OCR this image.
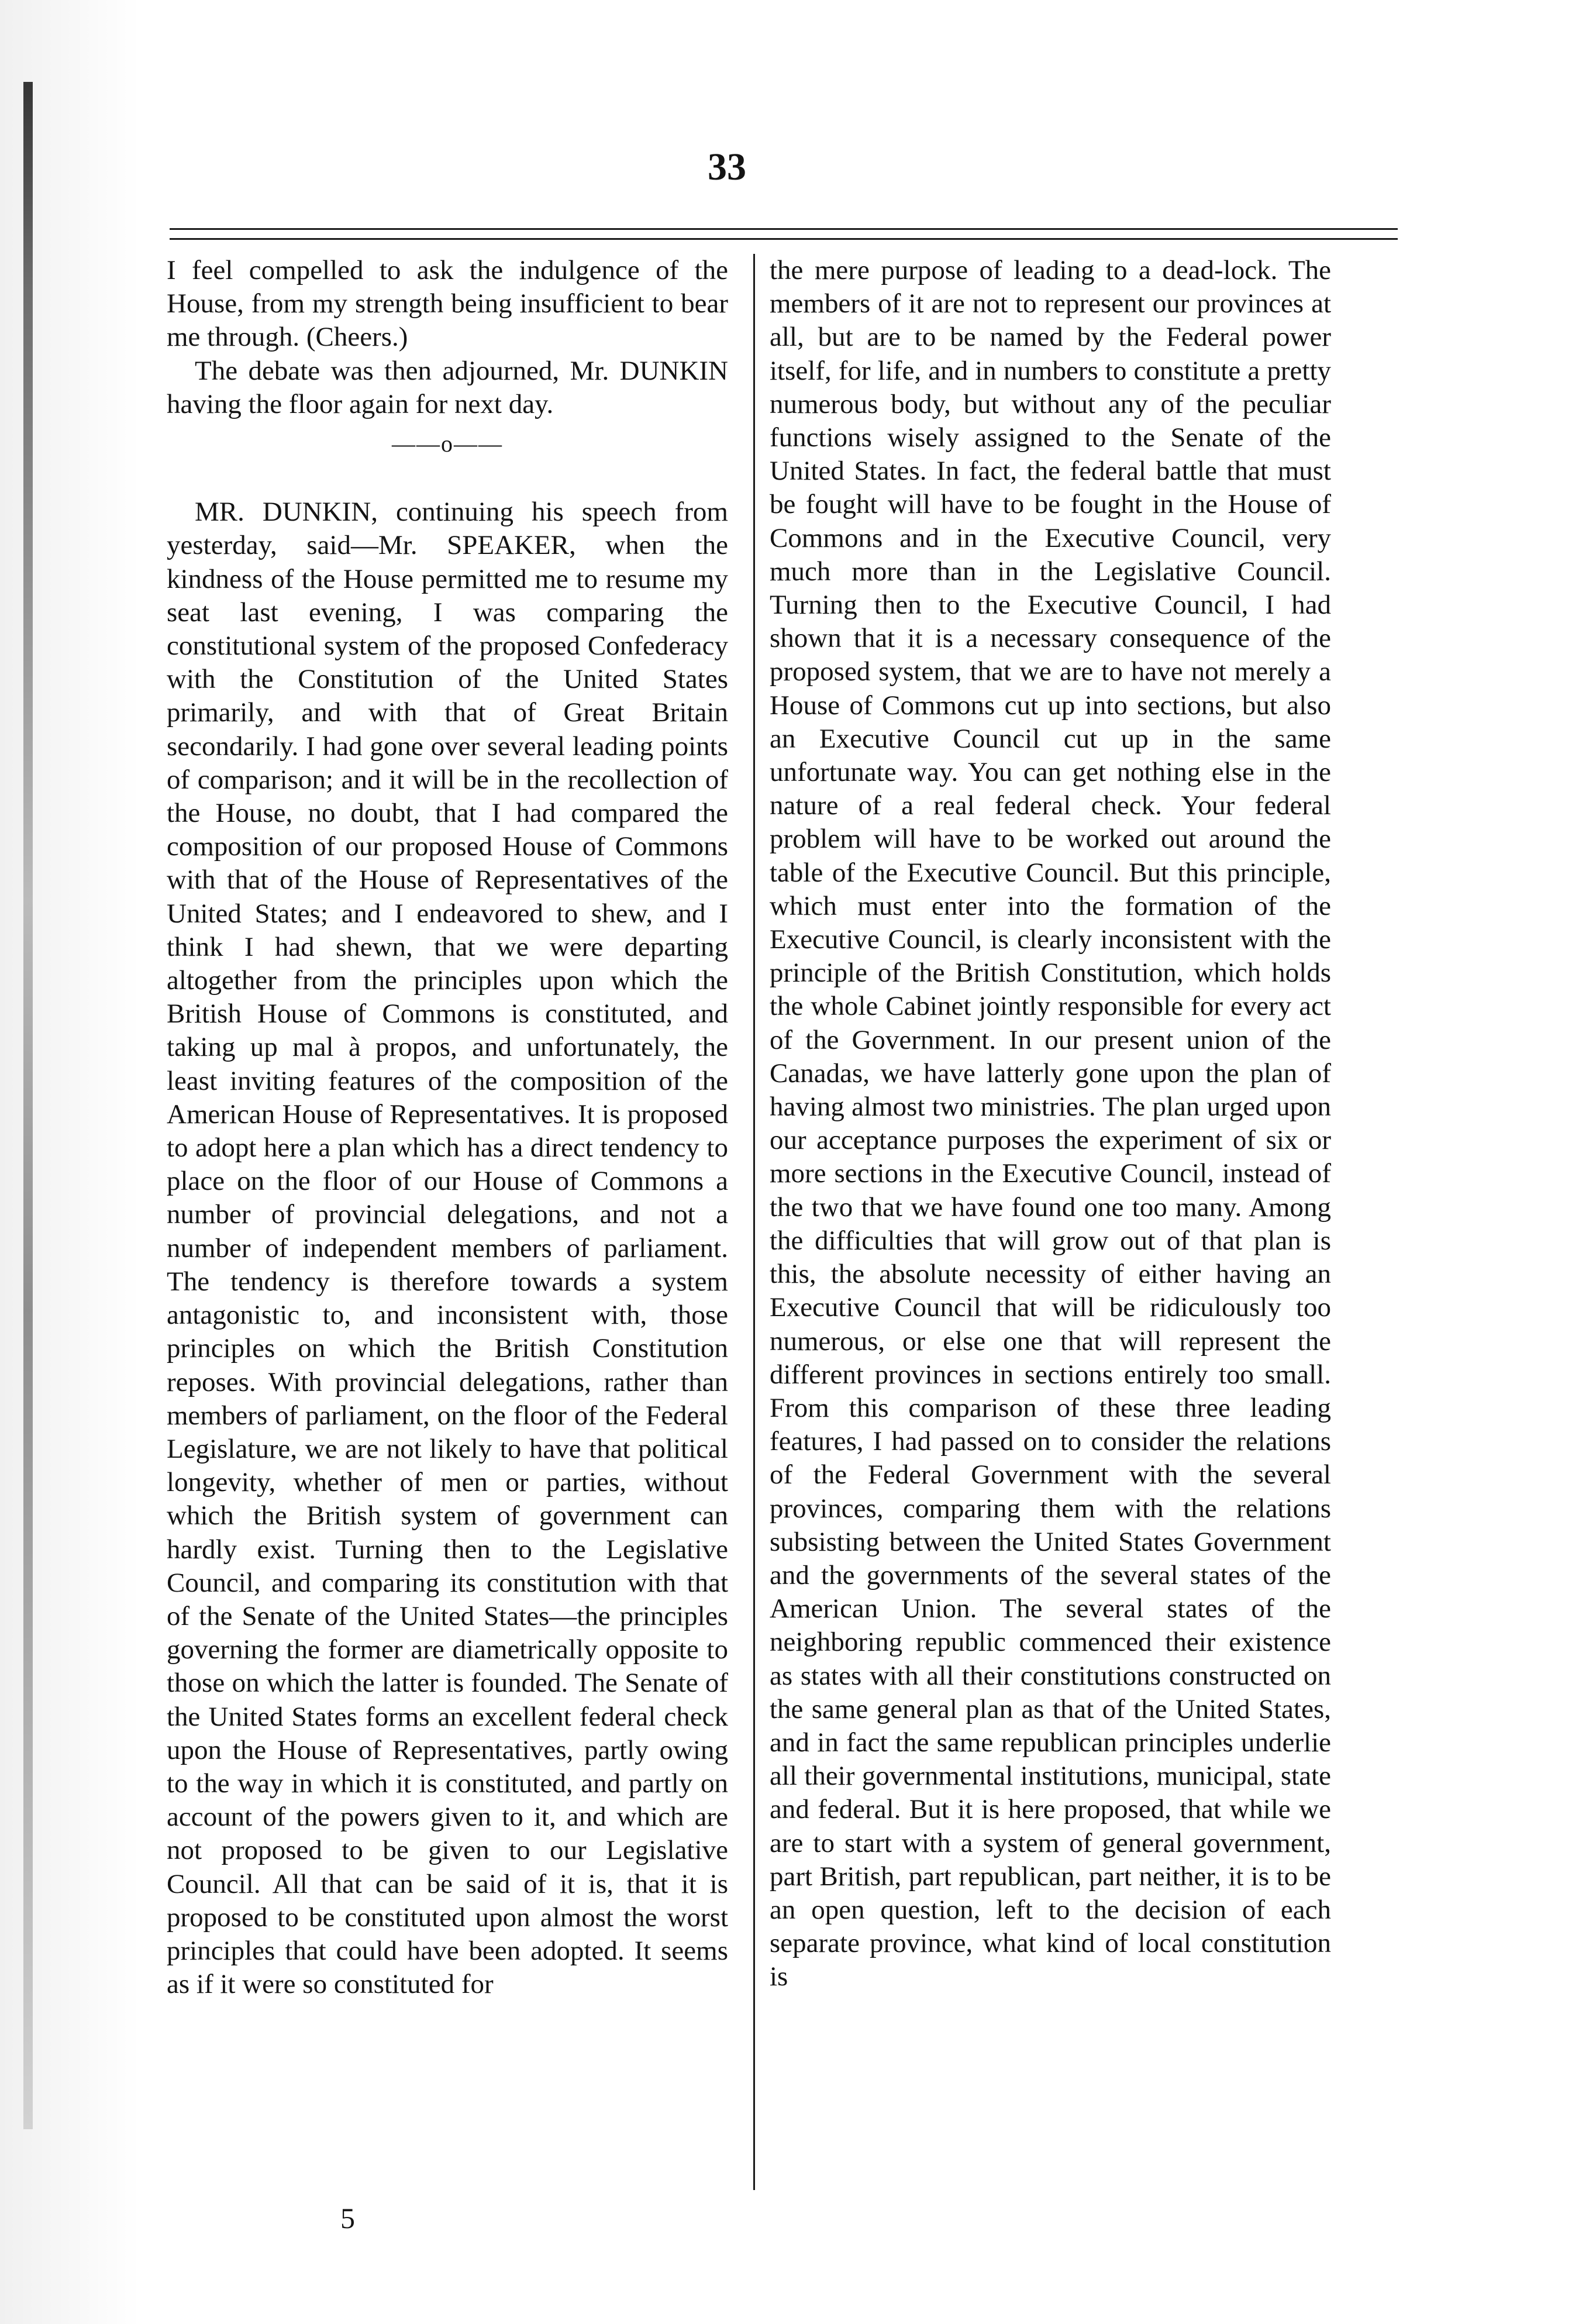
33

I feel compelled to ask the indulgence of the House, from my strength being insufficient to bear me through. (Cheers.)

The debate was then adjourned, Mr. DUNKIN having the floor again for next day.

——o——

MR. DUNKIN, continuing his speech from yesterday, said—Mr. SPEAKER, when the kindness of the House permitted me to resume my seat last evening, I was comparing the constitutional system of the proposed Confederacy with the Constitution of the United States primarily, and with that of Great Britain secondarily. I had gone over several leading points of comparison; and it will be in the recollection of the House, no doubt, that I had compared the composition of our proposed House of Commons with that of the House of Representatives of the United States; and I endeavored to shew, and I think I had shewn, that we were departing altogether from the principles upon which the British House of Commons is constituted, and taking up mal à propos, and unfortunately, the least inviting features of the composition of the American House of Representatives. It is proposed to adopt here a plan which has a direct tendency to place on the floor of our House of Commons a number of provincial delegations, and not a number of independent members of parliament. The tendency is therefore towards a system antagonistic to, and inconsistent with, those principles on which the British Constitution reposes. With provincial delegations, rather than members of parliament, on the floor of the Federal Legislature, we are not likely to have that political longevity, whether of men or parties, without which the British system of government can hardly exist. Turning then to the Legislative Council, and comparing its constitution with that of the Senate of the United States—the principles governing the former are diametrically opposite to those on which the latter is founded. The Senate of the United States forms an excellent federal check upon the House of Representatives, partly owing to the way in which it is constituted, and partly on account of the powers given to it, and which are not proposed to be given to our Legislative Council. All that can be said of it is, that it is proposed to be constituted upon almost the worst principles that could have been adopted. It seems as if it were so constituted for

the mere purpose of leading to a dead-lock. The members of it are not to represent our provinces at all, but are to be named by the Federal power itself, for life, and in numbers to constitute a pretty numerous body, but without any of the peculiar functions wisely assigned to the Senate of the United States. In fact, the federal battle that must be fought will have to be fought in the House of Commons and in the Executive Council, very much more than in the Legislative Council. Turning then to the Executive Council, I had shown that it is a necessary consequence of the proposed system, that we are to have not merely a House of Commons cut up into sections, but also an Executive Council cut up in the same unfortunate way. You can get nothing else in the nature of a real federal check. Your federal problem will have to be worked out around the table of the Executive Council. But this principle, which must enter into the formation of the Executive Council, is clearly inconsistent with the principle of the British Constitution, which holds the whole Cabinet jointly responsible for every act of the Government. In our present union of the Canadas, we have latterly gone upon the plan of having almost two ministries. The plan urged upon our acceptance purposes the experiment of six or more sections in the Executive Council, instead of the two that we have found one too many. Among the difficulties that will grow out of that plan is this, the absolute necessity of either having an Executive Council that will be ridiculously too numerous, or else one that will represent the different provinces in sections entirely too small. From this comparison of these three leading features, I had passed on to consider the relations of the Federal Government with the several provinces, comparing them with the relations subsisting between the United States Government and the governments of the several states of the American Union. The several states of the neighboring republic commenced their existence as states with all their constitutions constructed on the same general plan as that of the United States, and in fact the same republican principles underlie all their governmental institutions, municipal, state and federal. But it is here proposed, that while we are to start with a system of general government, part British, part republican, part neither, it is to be an open question, left to the decision of each separate province, what kind of local constitution is

5
